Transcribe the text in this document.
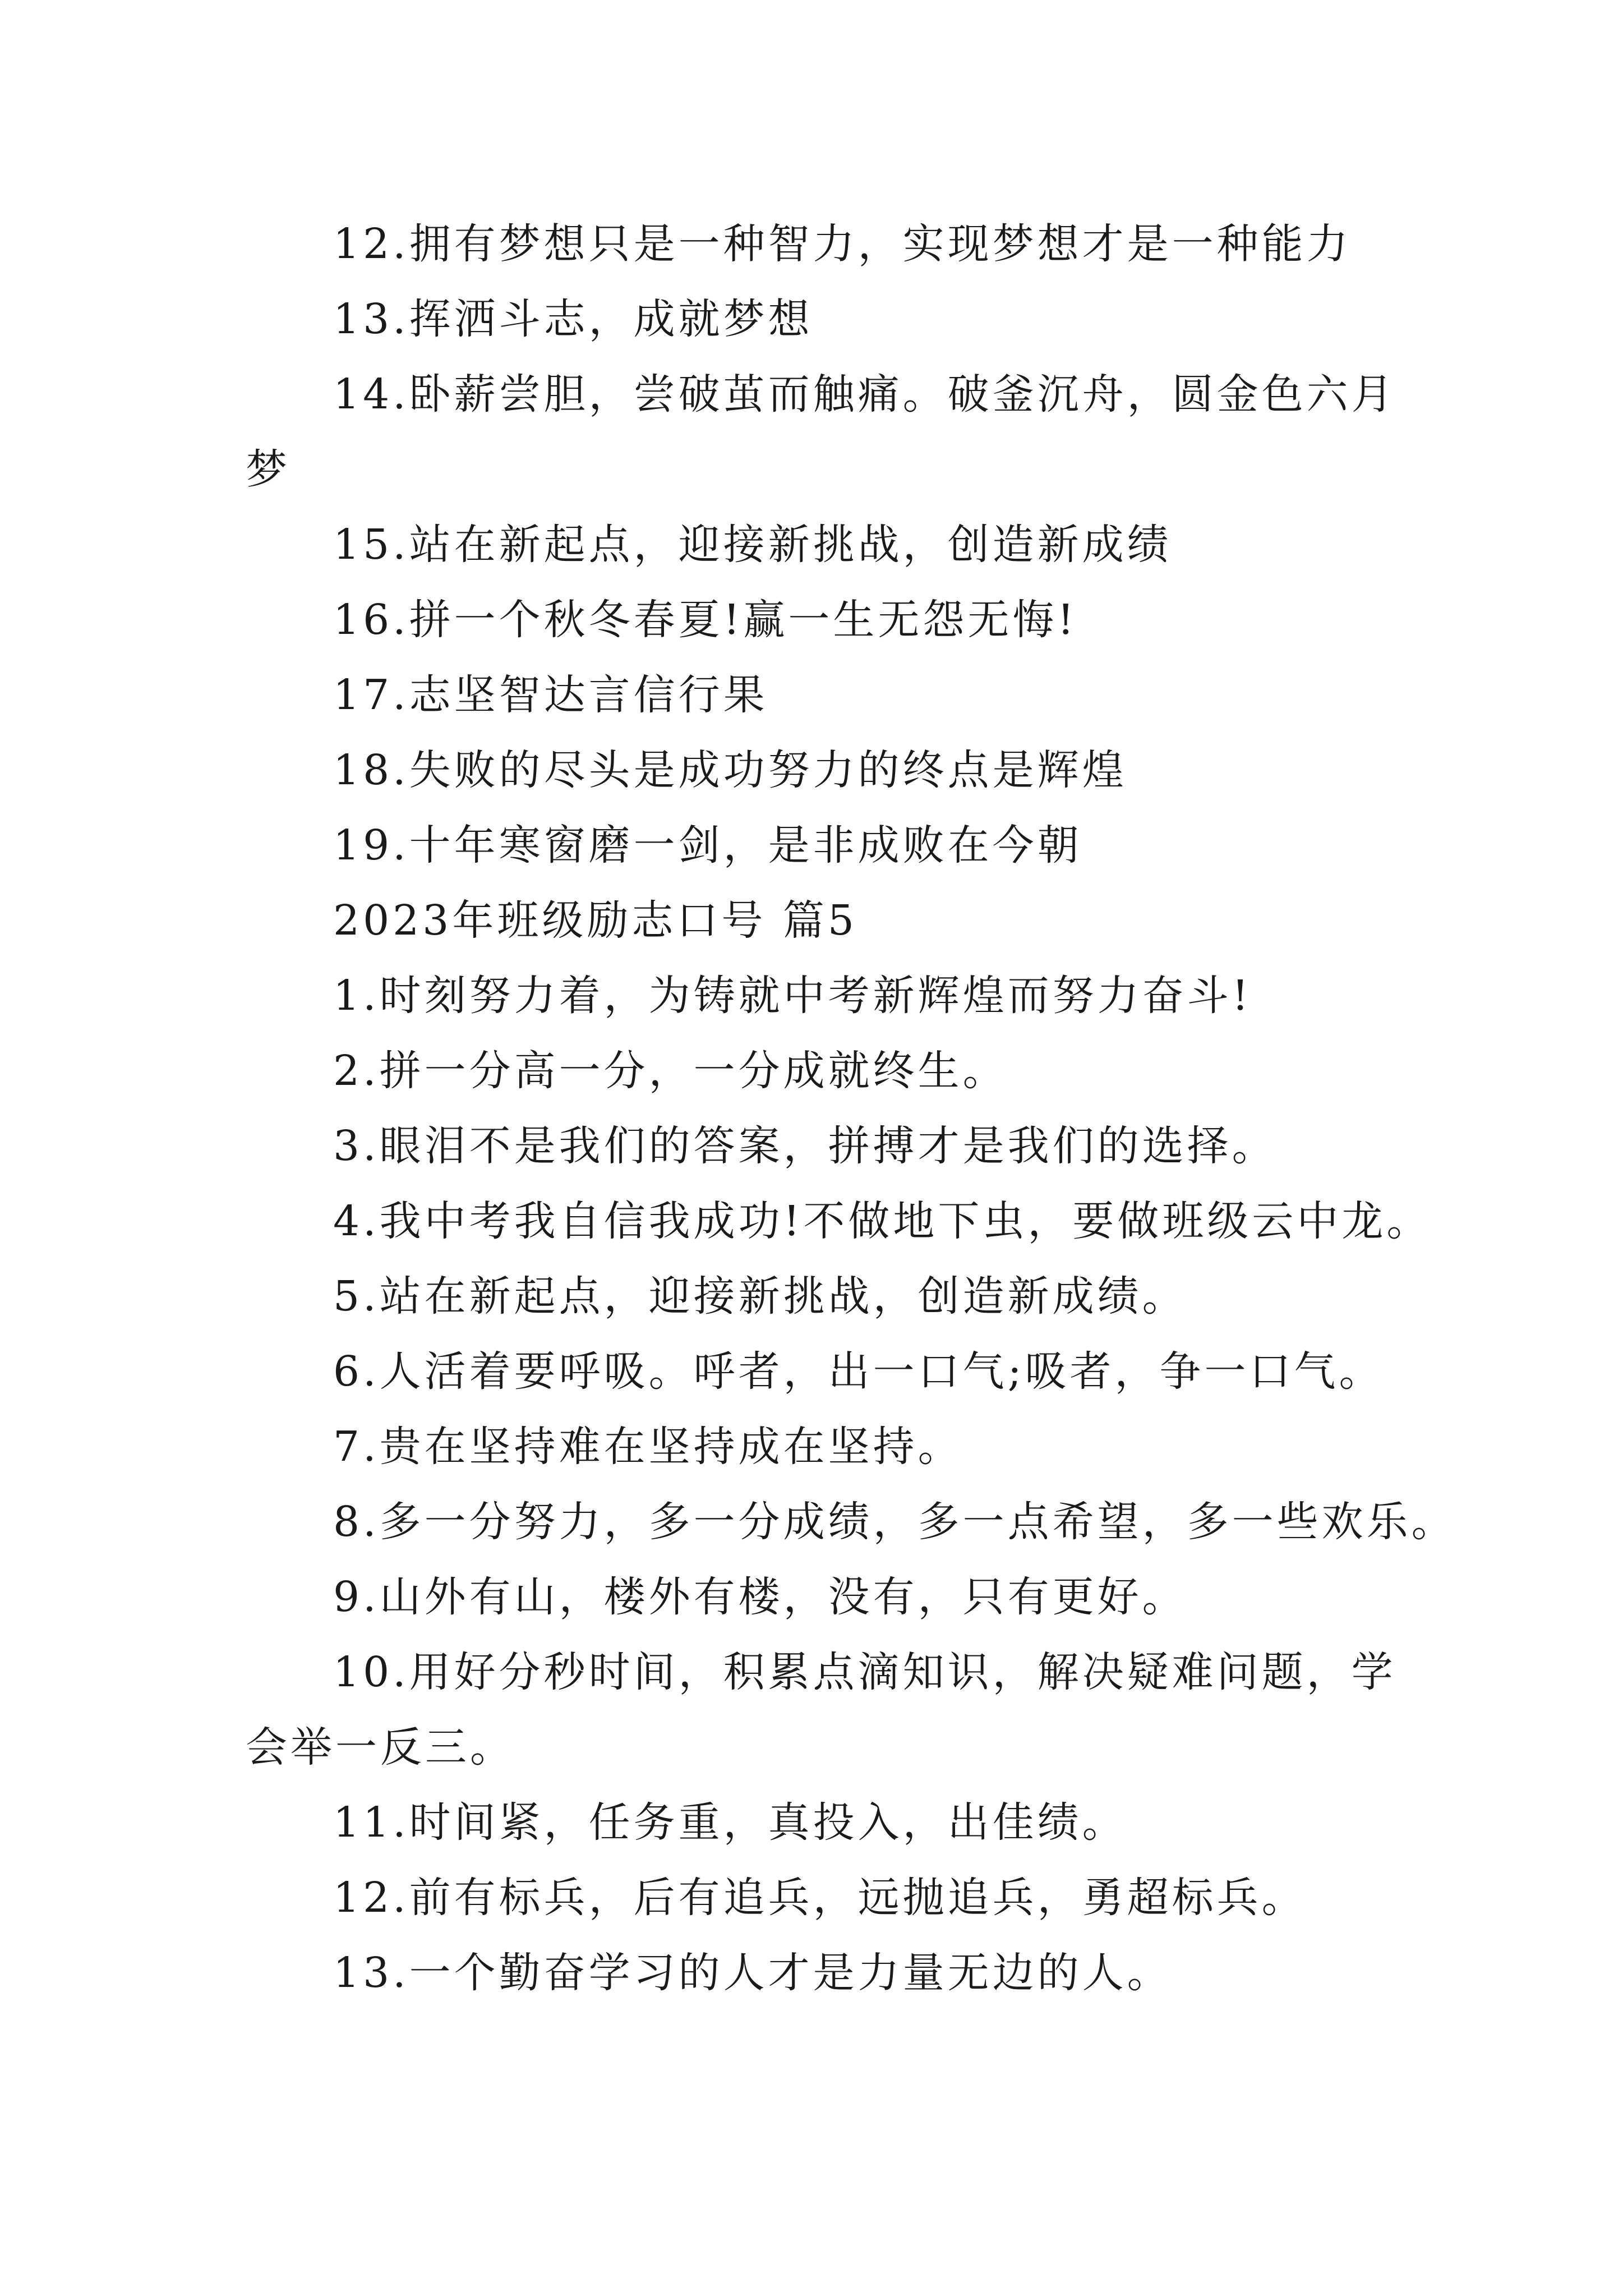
12.拥有梦想只是一种智力，实现梦想才是一种能力
13.挥洒斗志，成就梦想
14.卧薪尝胆，尝破茧而触痛。破釜沉舟，圆金色六月
梦
15.站在新起点，迎接新挑战，创造新成绩
16.拼一个秋冬春夏!赢一生无怨无悔!
17.志坚智达言信行果
18.失败的尽头是成功努力的终点是辉煌
19.十年寒窗磨一剑，是非成败在今朝
2023年班级励志口号 篇5
1.时刻努力着，为铸就中考新辉煌而努力奋斗!
2.拼一分高一分，一分成就终生。
3.眼泪不是我们的答案，拼搏才是我们的选择。
4.我中考我自信我成功!不做地下虫，要做班级云中龙。
5.站在新起点，迎接新挑战，创造新成绩。
6.人活着要呼吸。呼者，出一口气;吸者，争一口气。
7.贵在坚持难在坚持成在坚持。
8.多一分努力，多一分成绩，多一点希望，多一些欢乐。
9.山外有山，楼外有楼，没有，只有更好。
10.用好分秒时间，积累点滴知识，解决疑难问题，学
会举一反三。
11.时间紧，任务重，真投入，出佳绩。
12.前有标兵，后有追兵，远抛追兵，勇超标兵。
13.一个勤奋学习的人才是力量无边的人。
